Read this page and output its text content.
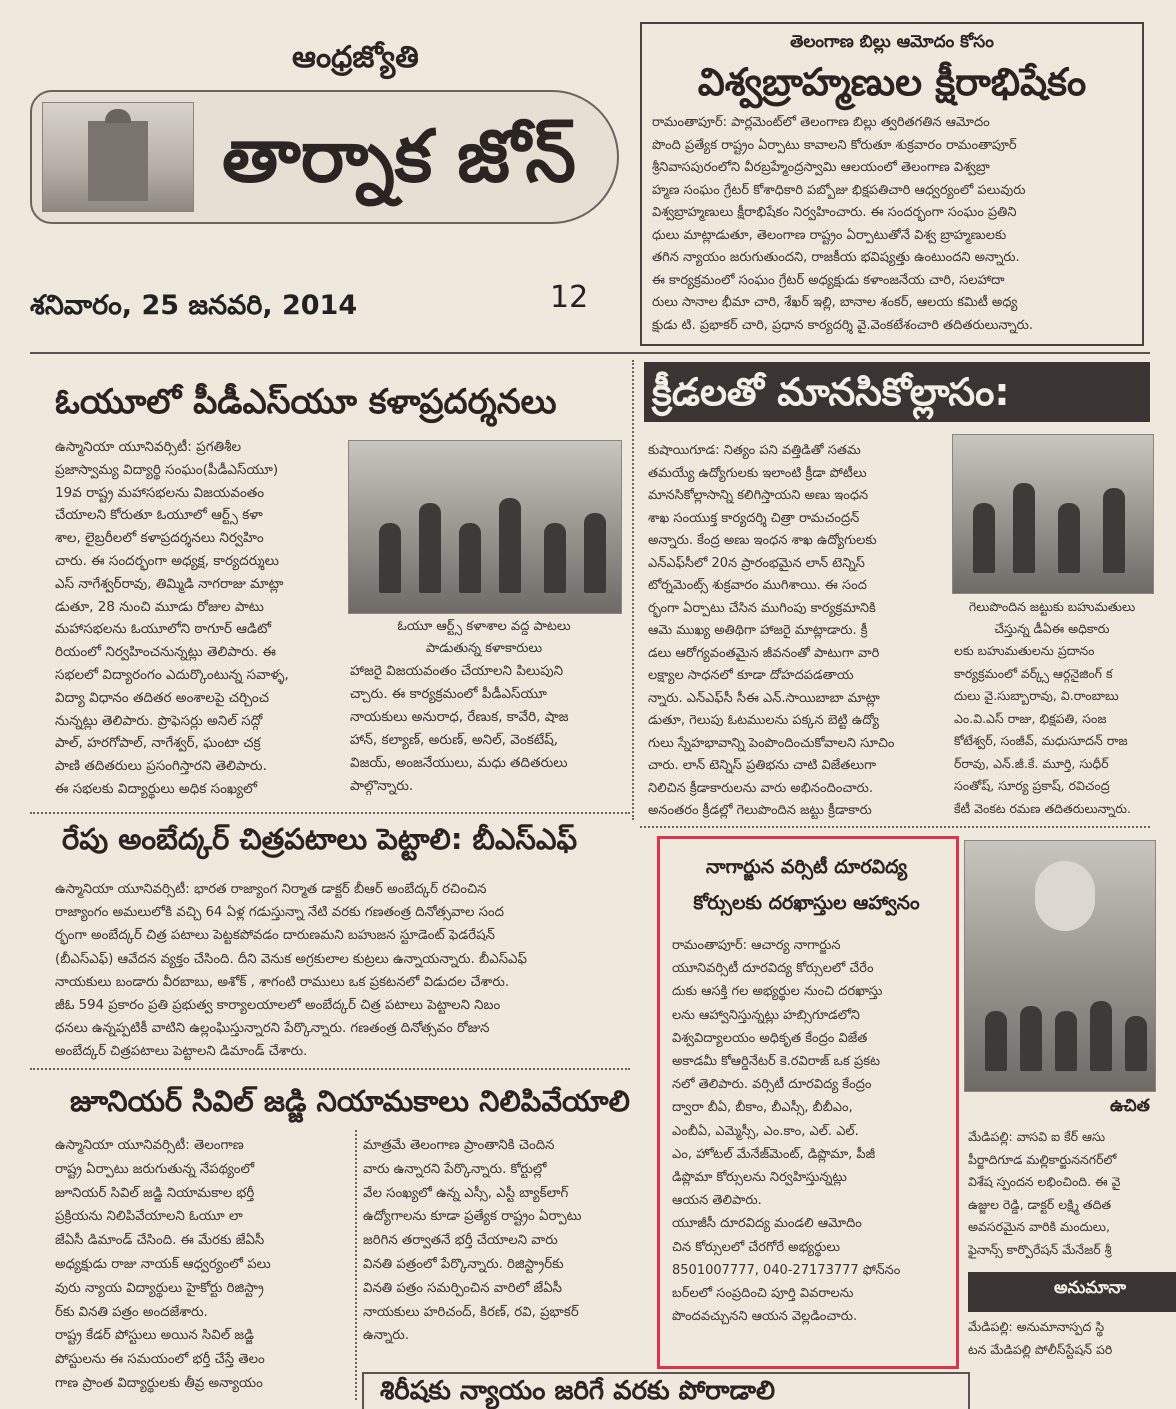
ఆంధ్రజ్యోతి
తార్నాక జోన్
శనివారం, 25 జనవరి, 2014	12
తెలంగాణ బిల్లు ఆమోదం కోసం
విశ్వబ్రాహ్మణుల క్షీరాభిషేకం
రామంతాపూర్: పార్లమెంట్‌లో తెలంగాణ బిల్లు త్వరితగతిన ఆమోదం
పొంది ప్రత్యేక రాష్ట్రం ఏర్పాటు కావాలని కోరుతూ శుక్రవారం రామంతాపూర్
శ్రీనివాసపురంలోని వీరబ్రహ్మేంద్రస్వామి ఆలయంలో తెలంగాణ విశ్వబ్రా
హ్మణ సంఘం గ్రేటర్ కోశాధికారి పబ్బోజు భిక్షపతిచారి ఆధ్వర్యంలో పలువురు
విశ్వబ్రాహ్మణులు క్షీరాభిషేకం నిర్వహించారు. ఈ సందర్భంగా సంఘం ప్రతిని
ధులు మాట్లాడుతూ, తెలంగాణ రాష్ట్రం ఏర్పాటుతోనే విశ్వ బ్రాహ్మణులకు
తగిన న్యాయం జరుగుతుందని, రాజకీయ భవిష్యత్తు ఉంటుందని అన్నారు.
ఈ కార్యక్రమంలో సంఘం గ్రేటర్ అధ్యక్షుడు కళాంజనేయ చారి, సలహాదా
రులు సానాల భీమా చారి, శేఖర్ ఇల్లి, బానాల శంకర్, ఆలయ కమిటీ అధ్య
క్షుడు టి. ప్రభాకర్ చారి, ప్రధాన కార్యదర్శి వై.వెంకటేశంచారి తదితరులున్నారు.
ఓయూలో పీడీఎస్‌యూ కళాప్రదర్శనలు
ఉస్మానియా యూనివర్సిటీ: ప్రగతిశీల
ప్రజాస్వామ్య విద్యార్థి సంఘం(పీడీఎస్‌యూ)
19వ రాష్ట్ర మహాసభలను విజయవంతం
చేయాలని కోరుతూ ఓయూలో ఆర్ట్స్ కళా
శాల, లైబ్రరీలలో కళాప్రదర్శనలు నిర్వహిం
చారు. ఈ సందర్భంగా అధ్యక్ష, కార్యదర్శులు
ఎస్ నాగేశ్వర్‌రావు, తిమ్మిడి నాగరాజు మాట్లా
డుతూ, 28 నుంచి మూడు రోజుల పాటు
మహాసభలను ఓయూలోని ఠాగూర్ ఆడిటో
రియంలో నిర్వహించనున్నట్లు తెలిపారు. ఈ
సభలలో విద్యారంగం ఎదుర్కొంటున్న సవాళ్ళ,
విద్యా విధానం తదితర అంశాలపై చర్చించ
నున్నట్లు తెలిపారు. ప్రొఫెసర్లు అనిల్ సద్గో
పాల్, హరగోపాల్, నాగేశ్వర్, ఘంటా చక్ర
పాణి తదితరులు ప్రసంగిస్తారని తెలిపారు.
ఈ సభలకు విద్యార్థులు అధిక సంఖ్యలో
ఓయూ ఆర్ట్స్ కళాశాల వద్ద పాటలు
పాడుతున్న కళాకారులు
హాజరై విజయవంతం చేయాలని పిలుపుని
చ్చారు. ఈ కార్యక్రమంలో పీడీఎస్‌యూ
నాయకులు అనురాధ, రేణుక, కావేరి, షాజ
హాన్, కల్యాణ్, అరుణ్, అనిల్, వెంకటేష్,
విజయ్, అంజనేయులు, మధు తదితరులు
పాల్గొన్నారు.
క్రీడలతో మానసికోల్లాసం:
కుషాయిగూడ: నిత్యం పని వత్తిడితో సతమ
తమయ్యే ఉద్యోగులకు ఇలాంటి క్రీడా పోటీలు
మానసికోల్లాసాన్ని కలిగిస్తాయని అణు ఇంధన
శాఖ సంయుక్త కార్యదర్శి చిత్రా రామచంద్రన్
అన్నారు. కేంద్ర అణు ఇంధన శాఖ ఉద్యోగులకు
ఎన్‌ఎఫ్‌సీలో 20న ప్రారంభమైన లాన్ టెన్నిస్
టోర్నమెంట్స్ శుక్రవారం ముగిశాయి. ఈ సంద
ర్భంగా ఏర్పాటు చేసిన ముగింపు కార్యక్రమానికి
ఆమె ముఖ్య అతిథిగా హాజరై మాట్లాడారు. క్రీ
డలు ఆరోగ్యవంతమైన జీవనంతో పాటుగా వారి
లక్ష్యాల సాధనలో కూడా దోహదపడతాయ
న్నారు. ఎన్‌ఎఫ్‌సీ సీఈ ఎన్.సాయిబాబా మాట్లా
డుతూ, గెలుపు ఓటములను పక్కన బెట్టి ఉద్యో
గులు స్నేహభావాన్ని పెంపొందించుకోవాలని సూచిం
చారు. లాన్ టెన్నిస్ ప్రతిభను చాటి విజేతలుగా
నిలిచిన క్రీడాకారులను వారు అభినందించారు.
అనంతరం క్రీడల్లో గెలుపొందిన జట్టు క్రీడాకారు
గెలుపొందిన జట్టుకు బహుమతులు
చేస్తున్న డీఏఈ అధికారు
లకు బహుమతులను ప్రదానం
కార్యక్రమంలో వర్క్స్ ఆర్గనైజింగ్ క
దులు వై.సుబ్బారావు, వి.రాంబాబు
ఎం.వి.ఎస్ రాజు, భిక్షపతి, సంజ
కోటేశ్వర్, సంజీవ్, మధుసూదన్ రాజ
ర్‌రావు, ఎన్.జీ.కే. మూర్తి, సుధీర్
సంతోష్, సూర్య ప్రకాష్, రవిచంద్ర
కేటీ వెంకట రమణ తదితరులున్నారు.
రేపు అంబేద్కర్ చిత్రపటాలు పెట్టాలి: బీఎస్‌ఎఫ్
ఉస్మానియా యూనివర్సిటీ: భారత రాజ్యాంగ నిర్మాత డాక్టర్ బీఆర్ అంబేద్కర్ రచించిన
రాజ్యాంగం అమలులోకి వచ్చి 64 ఏళ్ల గడుస్తున్నా నేటి వరకు గణతంత్ర దినోత్సవాల సంద
ర్భంగా అంబేద్కర్ చిత్ర పటాలు పెట్టకపోవడం దారుణమని బహుజన స్టూడెంట్ ఫెడరేషన్
(బీఎస్‌ఎఫ్) ఆవేదన వ్యక్తం చేసింది. దీని వెనుక అగ్రకులాల కుట్రలు ఉన్నాయన్నారు. బీఎస్‌ఎఫ్
నాయకులు బండారు వీరబాబు, అశోక్ , శాగంటి రాములు ఒక ప్రకటనలో విడుదల చేశారు.
జీఓ 594 ప్రకారం ప్రతి ప్రభుత్వ కార్యాలయాలలో అంబేద్కర్ చిత్ర పటాలు పెట్టాలని నిబం
ధనలు ఉన్నప్పటికీ వాటిని ఉల్లంఘిస్తున్నారని పేర్కొన్నారు. గణతంత్ర దినోత్సవం రోజున
అంబేద్కర్ చిత్రపటాలు పెట్టాలని డిమాండ్ చేశారు.
జూనియర్ సివిల్ జడ్జి నియామకాలు నిలిపివేయాలి
ఉస్మానియా యూనివర్సిటీ: తెలంగాణ
రాష్ట్ర ఏర్పాటు జరుగుతున్న నేపథ్యంలో
జూనియర్ సివిల్ జడ్జి నియామకాల భర్తీ
ప్రక్రియను నిలిపివేయాలని ఓయూ లా
జేఏసీ డిమాండ్ చేసింది. ఈ మేరకు జేఏసీ
అధ్యక్షుడు రాజు నాయక్ ఆధ్వర్యంలో పలు
వురు న్యాయ విద్యార్థులు హైకోర్టు రిజిస్ట్రా
ర్‌కు వినతి పత్రం అందజేశారు.
రాష్ట్ర కేడర్ పోస్టులు అయిన సివిల్ జడ్జి
పోస్టులను ఈ సమయంలో భర్తీ చేస్తే తెలం
గాణ ప్రాంత విద్యార్థులకు తీవ్ర అన్యాయం
మాత్రమే తెలంగాణ ప్రాంతానికి చెందిన
వారు ఉన్నారని పేర్కొన్నారు. కోర్టుల్లో
వేల సంఖ్యలో ఉన్న ఎస్సీ, ఎస్టీ బ్యాక్‌లాగ్
ఉద్యోగాలను కూడా ప్రత్యేక రాష్ట్రం ఏర్పాటు
జరిగిన తర్వాతనే భర్తీ చేయాలని వారు
వినతి పత్రంలో పేర్కొన్నారు. రిజిస్ట్రార్‌కు
వినతి పత్రం సమర్పించిన వారిలో జేఏసీ
నాయకులు హరిచంద్, కిరణ్, రవి, ప్రభాకర్
ఉన్నారు.
నాగార్జున వర్సిటీ దూరవిద్య
కోర్సులకు దరఖాస్తుల ఆహ్వానం
రామంతాపూర్: ఆచార్య నాగార్జున
యూనివర్సిటీ దూరవిద్య కోర్సులలో చేరేం
దుకు ఆసక్తి గల అభ్యర్థుల నుంచి దరఖాస్తు
లను ఆహ్వానిస్తున్నట్లు హబ్సిగూడలోని
విశ్వవిద్యాలయం అధికృత కేంద్రం విజేత
అకాడమీ కోఆర్డినేటర్ కె.రవిరాజ్ ఒక ప్రకట
నలో తెలిపారు. వర్సిటీ దూరవిద్య కేంద్రం
ద్వారా బీఏ, బీకాం, బీఎస్సీ, బీబీఎం,
ఎంబీఏ, ఎమ్మెస్సీ, ఎం.కాం, ఎల్. ఎల్.
ఎం, హోటల్ మేనేజ్‌మెంట్, డిప్లొమా, పీజీ
డిప్లొమా కోర్సులను నిర్వహిస్తున్నట్లు
ఆయన తెలిపారు.
యూజీసీ దూరవిద్య మండలి ఆమోదిం
చిన కోర్సులలో చేరగోరే అభ్యర్థులు
8501007777, 040-27173777 ఫోన్‌నం
బర్‌లలో సంప్రదించి పూర్తి వివరాలను
పొందవచ్చునని ఆయన వెల్లడించారు.
ఉచిత
మేడిపల్లి: వాసవి ఐ కేర్ ఆసు
పీర్జాదిగూడ మల్లికార్జుననగర్‌లో
విశేష స్పందన లభించింది. ఈ వై
ఉజ్జుల రెడ్డి, డాక్టర్ లక్ష్మి తదిత
అవసరమైన వారికి మందులు,
ఫైనాన్స్ కార్పొరేషన్ మేనేజర్ శ్రీ
అనుమానా
మేడిపల్లి: అనుమానాస్పద స్థి
టన మేడిపల్లి పోలీస్‌స్టేషన్ పరి
శిరీషకు న్యాయం జరిగే వరకు పోరాడాలి
